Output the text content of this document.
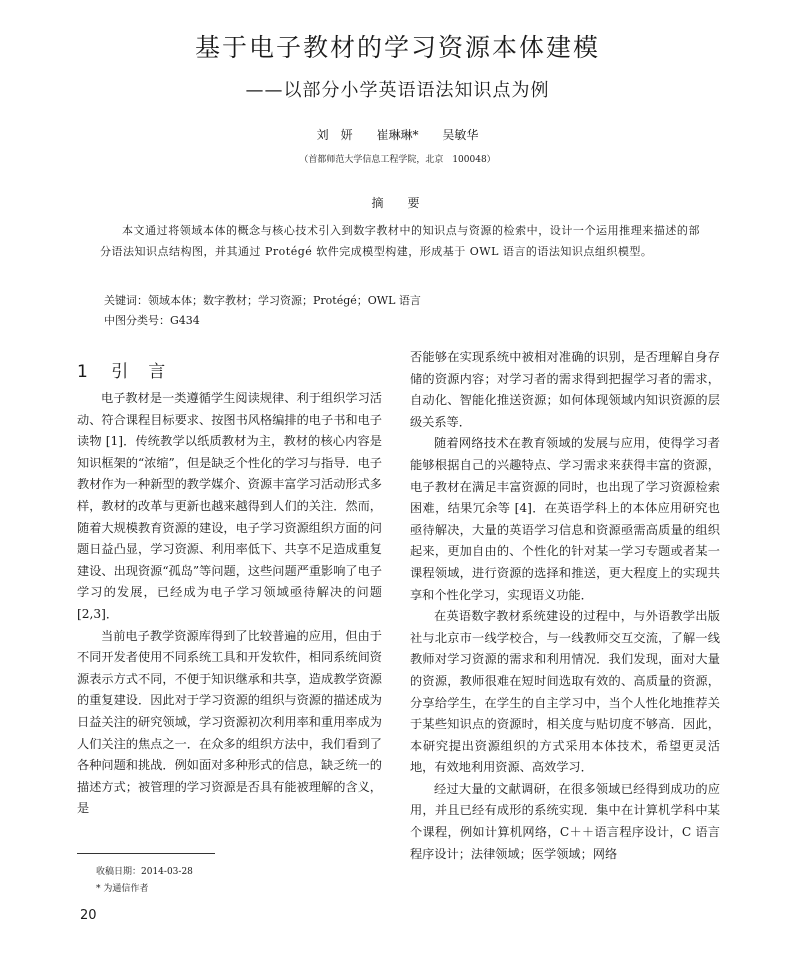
基于电子教材的学习资源本体建模
——以部分小学英语语法知识点为例
刘　妍 崔琳琳* 吴敏华
（首都师范大学信息工程学院，北京　100048）
摘要
本文通过将领域本体的概念与核心技术引入到数字教材中的知识点与资源的检索中，设计一个运用推理来描述的部分语法知识点结构图，并其通过 Protégé 软件完成模型构建，形成基于 OWL 语言的语法知识点组织模型。
关键词：领域本体；数字教材；学习资源；Protégé；OWL 语言
中图分类号：G434
1 引言

电子教材是一类遵循学生阅读规律、利于组织学习活动、符合课程目标要求、按图书风格编排的电子书和电子读物 [1]．传统教学以纸质教材为主，教材的核心内容是知识框架的“浓缩”，但是缺乏个性化的学习与指导．电子教材作为一种新型的教学媒介、资源丰富学习活动形式多样，教材的改革与更新也越来越得到人们的关注．然而，随着大规模教育资源的建设，电子学习资源组织方面的问题日益凸显，学习资源、利用率低下、共享不足造成重复建设、出现资源“孤岛”等问题，这些问题严重影响了电子学习的发展，已经成为电子学习领域亟待解决的问题 [2,3]．

当前电子教学资源库得到了比较普遍的应用，但由于不同开发者使用不同系统工具和开发软件，相同系统间资源表示方式不同，不便于知识继承和共享，造成教学资源的重复建设．因此对于学习资源的组织与资源的描述成为日益关注的研究领域，学习资源初次利用率和重用率成为人们关注的焦点之一．在众多的组织方法中，我们看到了各种问题和挑战．例如面对多种形式的信息，缺乏统一的描述方式；被管理的学习资源是否具有能被理解的含义，是

否能够在实现系统中被相对准确的识别，是否理解自身存储的资源内容；对学习者的需求得到把握学习者的需求，自动化、智能化推送资源；如何体现领域内知识资源的层级关系等．

随着网络技术在教育领域的发展与应用，使得学习者能够根据自己的兴趣特点、学习需求来获得丰富的资源，电子教材在满足丰富资源的同时，也出现了学习资源检索困难，结果冗余等 [4]．在英语学科上的本体应用研究也亟待解决，大量的英语学习信息和资源亟需高质量的组织起来，更加自由的、个性化的针对某一学习专题或者某一课程领域，进行资源的选择和推送，更大程度上的实现共享和个性化学习，实现语义功能．

在英语数字教材系统建设的过程中，与外语教学出版社与北京市一线学校合，与一线教师交互交流，了解一线教师对学习资源的需求和利用情况．我们发现，面对大量的资源，教师很难在短时间选取有效的、高质量的资源，分享给学生，在学生的自主学习中，当个人性化地推荐关于某些知识点的资源时，相关度与贴切度不够高．因此，本研究提出资源组织的方式采用本体技术，希望更灵活地，有效地利用资源、高效学习．

经过大量的文献调研，在很多领域已经得到成功的应用，并且已经有成形的系统实现．集中在计算机学科中某个课程，例如计算机网络，C＋＋语言程序设计，C 语言程序设计；法律领域；医学领域；网络

收稿日期：2014-03-28
* 为通信作者
20
